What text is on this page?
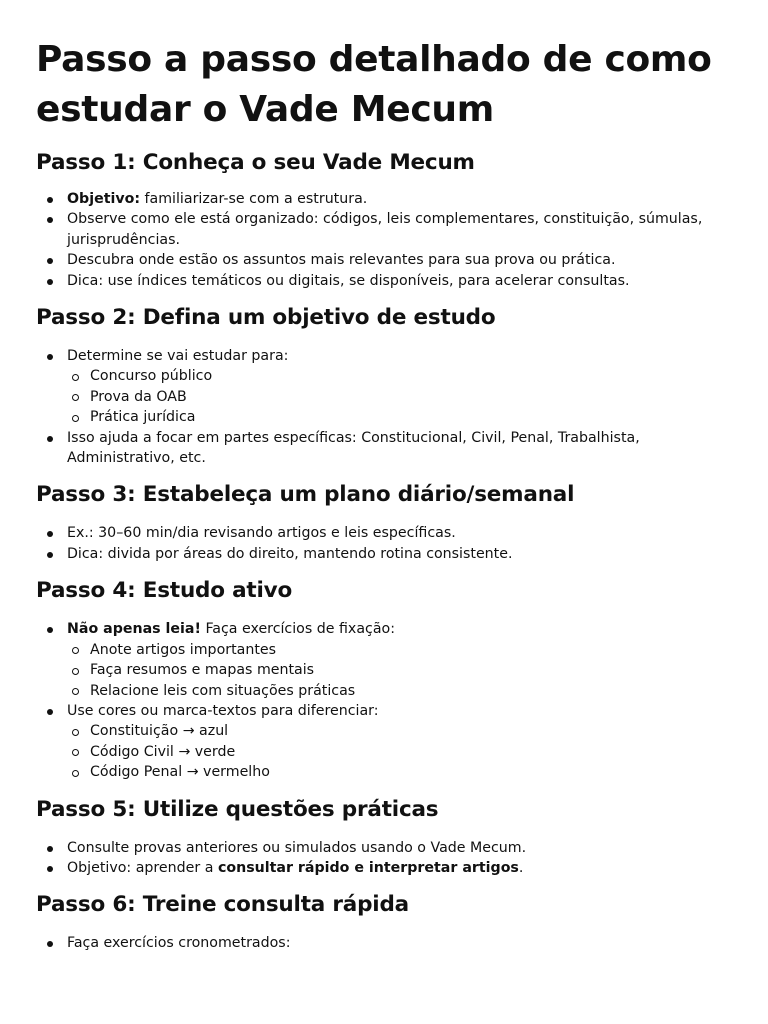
Passo a passo detalhado de como estudar o Vade Mecum
Passo 1: Conheça o seu Vade Mecum
Objetivo: familiarizar-se com a estrutura.
Observe como ele está organizado: códigos, leis complementares, constituição, súmulas, jurisprudências.
Descubra onde estão os assuntos mais relevantes para sua prova ou prática.
Dica: use índices temáticos ou digitais, se disponíveis, para acelerar consultas.
Passo 2: Defina um objetivo de estudo
Determine se vai estudar para:
Concurso público
Prova da OAB
Prática jurídica
Isso ajuda a focar em partes específicas: Constitucional, Civil, Penal, Trabalhista, Administrativo, etc.
Passo 3: Estabeleça um plano diário/semanal
Ex.: 30–60 min/dia revisando artigos e leis específicas.
Dica: divida por áreas do direito, mantendo rotina consistente.
Passo 4: Estudo ativo
Não apenas leia! Faça exercícios de fixação:
Anote artigos importantes
Faça resumos e mapas mentais
Relacione leis com situações práticas
Use cores ou marca-textos para diferenciar:
Constituição → azul
Código Civil → verde
Código Penal → vermelho
Passo 5: Utilize questões práticas
Consulte provas anteriores ou simulados usando o Vade Mecum.
Objetivo: aprender a consultar rápido e interpretar artigos.
Passo 6: Treine consulta rápida
Faça exercícios cronometrados:
